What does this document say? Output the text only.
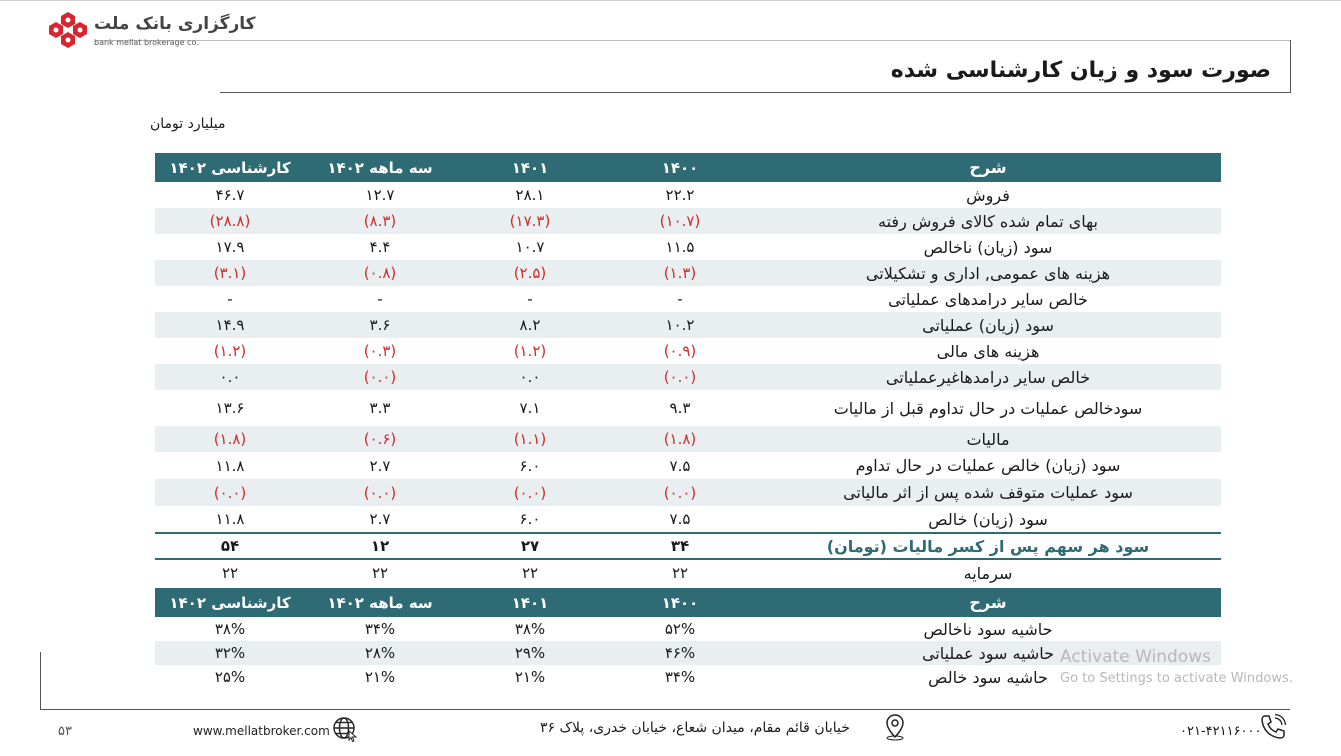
کارگزاری بانک ملت
bank mellat brokerage co.
صورت سود و زیان کارشناسی شده
میلیارد تومان
کارشناسی ۱۴۰۲	سه ماهه ۱۴۰۲	۱۴۰۱	۱۴۰۰	شرح
۴۶.۷	۱۲.۷	۲۸.۱	۲۲.۲	فروش
(۲۸.۸)	(۸.۳)	(۱۷.۳)	(۱۰.۷)	بهای تمام شده کالای فروش رفته
۱۷.۹	۴.۴	۱۰.۷	۱۱.۵	سود (زیان) ناخالص
(۳.۱)	(۰.۸)	(۲.۵)	(۱.۳)	هزینه های عمومی, اداری و تشکیلاتی
-	-	-	-	خالص سایر درامدهای عملیاتی
۱۴.۹	۳.۶	۸.۲	۱۰.۲	سود (زیان) عملیاتی
(۱.۲)	(۰.۳)	(۱.۲)	(۰.۹)	هزینه های مالی
۰.۰	(۰.۰)	۰.۰	(۰.۰)	خالص سایر درامدهاغیرعملیاتی
۱۳.۶	۳.۳	۷.۱	۹.۳	سودخالص عملیات در حال تداوم قبل از مالیات
(۱.۸)	(۰.۶)	(۱.۱)	(۱.۸)	مالیات
۱۱.۸	۲.۷	۶.۰	۷.۵	سود (زیان) خالص عملیات در حال تداوم
(۰.۰)	(۰.۰)	(۰.۰)	(۰.۰)	سود عملیات متوقف شده پس از اثر مالیاتی
۱۱.۸	۲.۷	۶.۰	۷.۵	سود (زیان) خالص
۵۴	۱۲	۲۷	۳۴	سود هر سهم پس از کسر مالیات (تومان)
۲۲	۲۲	۲۲	۲۲	سرمایه
کارشناسی ۱۴۰۲	سه ماهه ۱۴۰۲	۱۴۰۱	۱۴۰۰	شرح
۳۸%	۳۴%	۳۸%	۵۲%	حاشیه سود ناخالص
۳۲%	۲۸%	۲۹%	۴۶%	حاشیه سود عملیاتی
۲۵%	۲۱%	۲۱%	۳۴%	حاشیه سود خالص
۵۳	www.mellatbroker.com	خیابان قائم مقام، میدان شعاع، خیابان خدری، پلاک ۳۶	۰۲۱-۴۲۱۱۶۰۰۰
Activate Windows
Go to Settings to activate Windows.
